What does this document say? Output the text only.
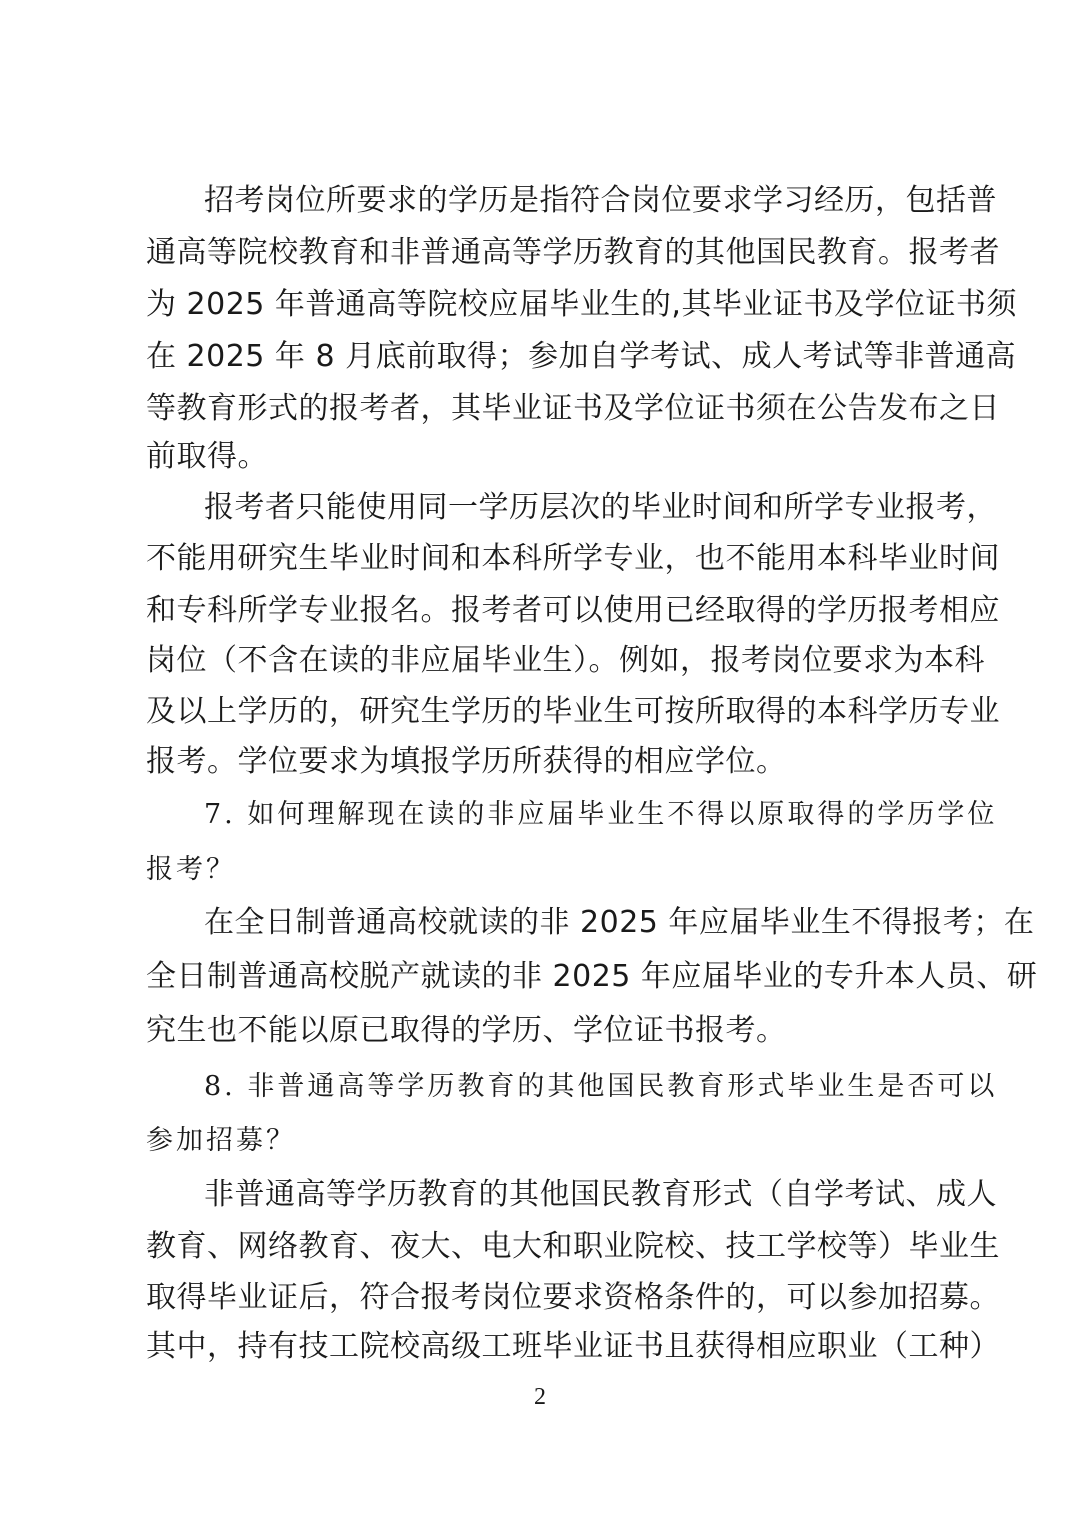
招考岗位所要求的学历是指符合岗位要求学习经历，包括普
通高等院校教育和非普通高等学历教育的其他国民教育。报考者
为 2025 年普通高等院校应届毕业生的,其毕业证书及学位证书须
在 2025 年 8 月底前取得；参加自学考试、成人考试等非普通高
等教育形式的报考者，其毕业证书及学位证书须在公告发布之日
前取得。
报考者只能使用同一学历层次的毕业时间和所学专业报考，
不能用研究生毕业时间和本科所学专业，也不能用本科毕业时间
和专科所学专业报名。报考者可以使用已经取得的学历报考相应
岗位（不含在读的非应届毕业生）。例如，报考岗位要求为本科
及以上学历的，研究生学历的毕业生可按所取得的本科学历专业
报考。学位要求为填报学历所获得的相应学位。
7. 如何理解现在读的非应届毕业生不得以原取得的学历学位
报考？
在全日制普通高校就读的非 2025 年应届毕业生不得报考；在
全日制普通高校脱产就读的非 2025 年应届毕业的专升本人员、研
究生也不能以原已取得的学历、学位证书报考。
8. 非普通高等学历教育的其他国民教育形式毕业生是否可以
参加招募？
非普通高等学历教育的其他国民教育形式（自学考试、成人
教育、网络教育、夜大、电大和职业院校、技工学校等）毕业生
取得毕业证后，符合报考岗位要求资格条件的，可以参加招募。
其中，持有技工院校高级工班毕业证书且获得相应职业（工种）
2
